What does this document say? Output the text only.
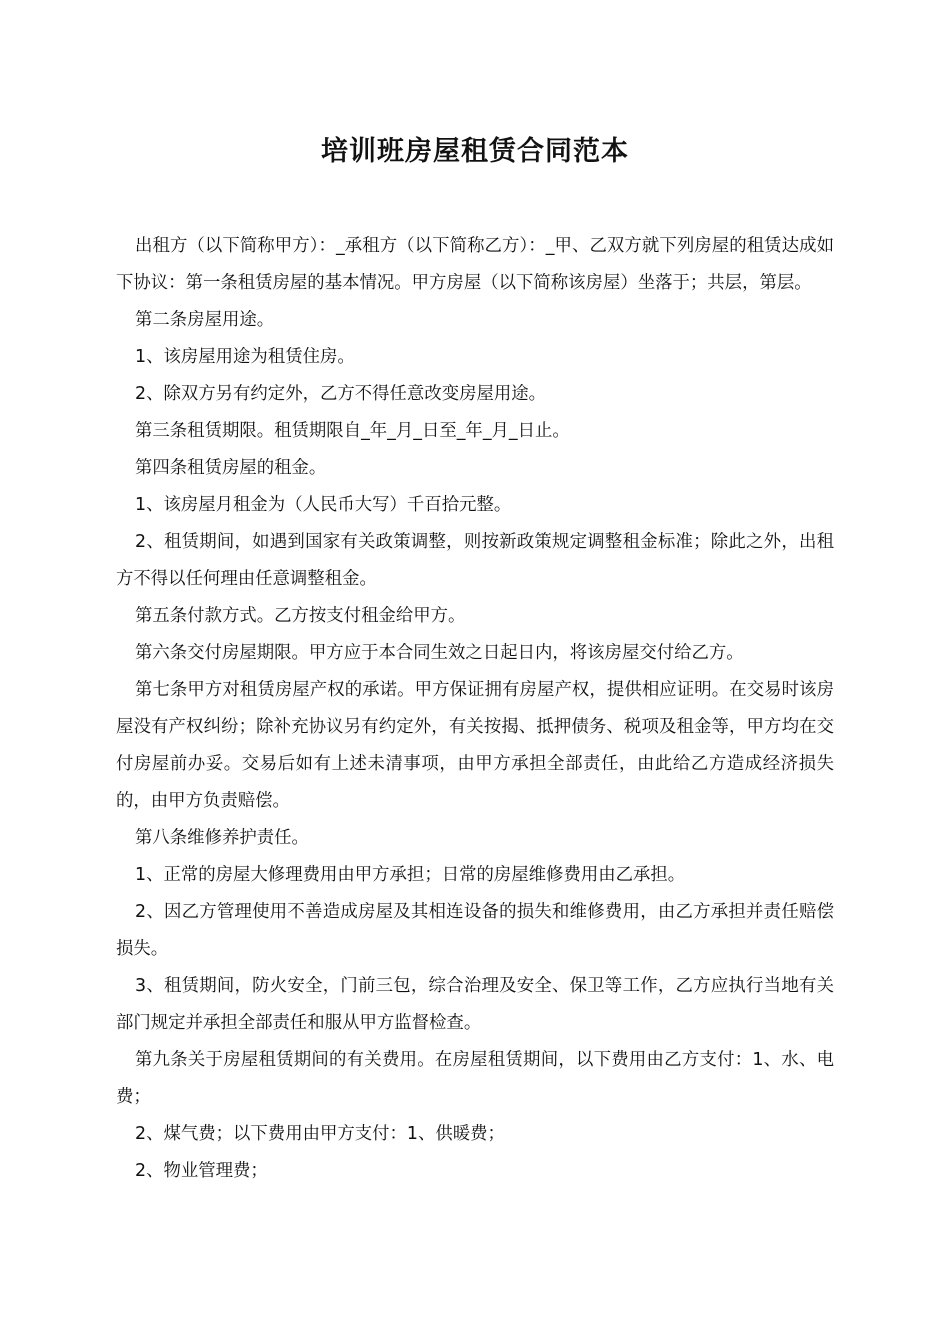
培训班房屋租赁合同范本

出租方（以下简称甲方）：_承租方（以下简称乙方）：_甲、乙双方就下列房屋的租赁达成如下协议：第一条租赁房屋的基本情况。甲方房屋（以下简称该房屋）坐落于；共层，第层。

第二条房屋用途。

1、该房屋用途为租赁住房。

2、除双方另有约定外，乙方不得任意改变房屋用途。

第三条租赁期限。租赁期限自_年_月_日至_年_月_日止。

第四条租赁房屋的租金。

1、该房屋月租金为（人民币大写）千百拾元整。

2、租赁期间，如遇到国家有关政策调整，则按新政策规定调整租金标准；除此之外，出租方不得以任何理由任意调整租金。

第五条付款方式。乙方按支付租金给甲方。

第六条交付房屋期限。甲方应于本合同生效之日起日内，将该房屋交付给乙方。

第七条甲方对租赁房屋产权的承诺。甲方保证拥有房屋产权，提供相应证明。在交易时该房屋没有产权纠纷；除补充协议另有约定外，有关按揭、抵押债务、税项及租金等，甲方均在交付房屋前办妥。交易后如有上述未清事项，由甲方承担全部责任，由此给乙方造成经济损失的，由甲方负责赔偿。

第八条维修养护责任。

1、正常的房屋大修理费用由甲方承担；日常的房屋维修费用由乙承担。

2、因乙方管理使用不善造成房屋及其相连设备的损失和维修费用，由乙方承担并责任赔偿损失。

3、租赁期间，防火安全，门前三包，综合治理及安全、保卫等工作，乙方应执行当地有关部门规定并承担全部责任和服从甲方监督检查。

第九条关于房屋租赁期间的有关费用。在房屋租赁期间，以下费用由乙方支付：1、水、电费；

2、煤气费；以下费用由甲方支付：1、供暖费；

2、物业管理费；
